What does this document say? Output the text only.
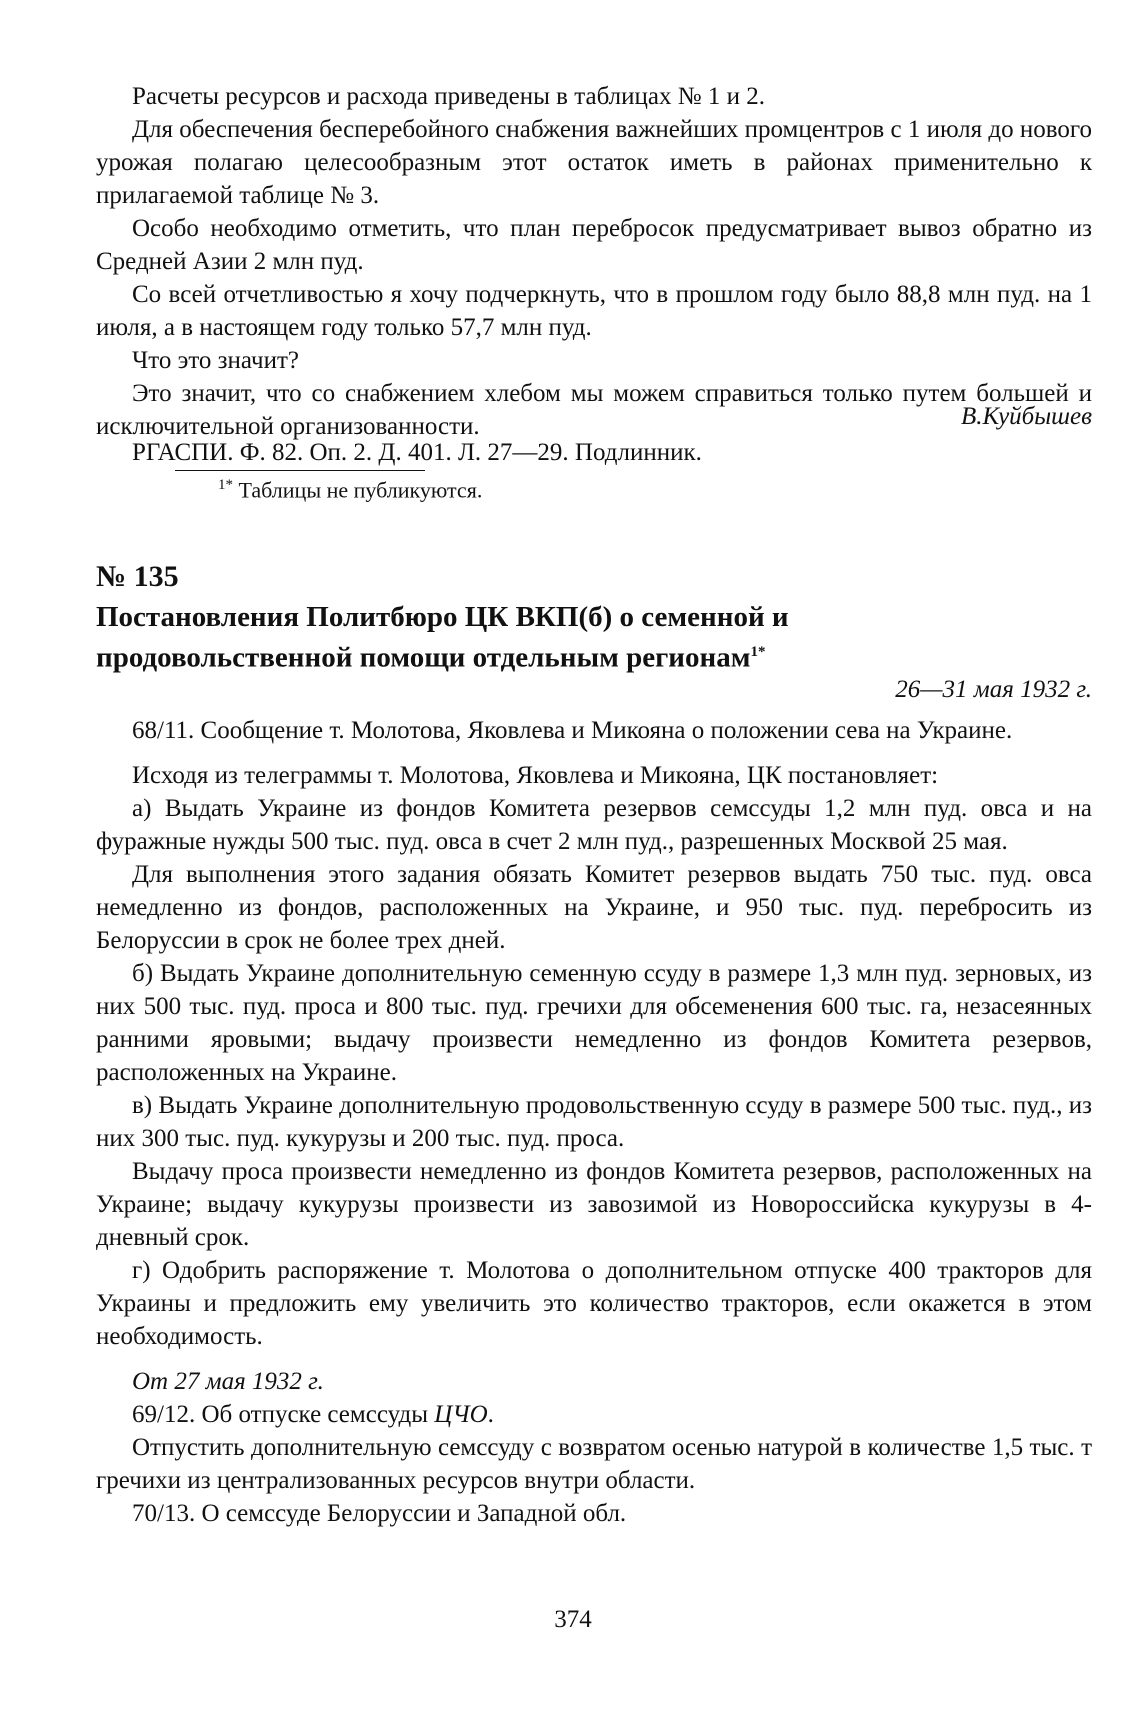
Расчеты ресурсов и расхода приведены в таблицах № 1 и 2.

Для обеспечения бесперебойного снабжения важнейших промцентров с 1 июля до нового урожая полагаю целесообразным этот остаток иметь в районах применительно к прилагаемой таблице № 3.

Особо необходимо отметить, что план перебросок предусматривает вывоз обратно из Средней Азии 2 млн пуд.

Со всей отчетливостью я хочу подчеркнуть, что в прошлом году было 88,8 млн пуд. на 1 июля, а в настоящем году только 57,7 млн пуд.

Что это значит?

Это значит, что со снабжением хлебом мы можем справиться только путем большей и исключительной организованности.	В.Куйбышев

РГАСПИ. Ф. 82. Оп. 2. Д. 401. Л. 27—29. Подлинник.

$^{1*}$ Таблицы не публикуются.
№ 135
Постановления Политбюро ЦК ВКП(б) о семенной и продовольственной помощи отдельным регионам$^{1*}$

26—31 мая 1932 г.

68/11. Сообщение т. Молотова, Яковлева и Микояна о положении сева на Украине.

Исходя из телеграммы т. Молотова, Яковлева и Микояна, ЦК постановляет:

а) Выдать Украине из фондов Комитета резервов семссуды 1,2 млн пуд. овса и на фуражные нужды 500 тыс. пуд. овса в счет 2 млн пуд., разрешенных Москвой 25 мая.

Для выполнения этого задания обязать Комитет резервов выдать 750 тыс. пуд. овса немедленно из фондов, расположенных на Украине, и 950 тыс. пуд. перебросить из Белоруссии в срок не более трех дней.

б) Выдать Украине дополнительную семенную ссуду в размере 1,3 млн пуд. зерновых, из них 500 тыс. пуд. проса и 800 тыс. пуд. гречихи для обсеменения 600 тыс. га, незасеянных ранними яровыми; выдачу произвести немедленно из фондов Комитета резервов, расположенных на Украине.

в) Выдать Украине дополнительную продовольственную ссуду в размере 500 тыс. пуд., из них 300 тыс. пуд. кукурузы и 200 тыс. пуд. проса.

Выдачу проса произвести немедленно из фондов Комитета резервов, расположенных на Украине; выдачу кукурузы произвести из завозимой из Новороссийска кукурузы в 4-дневный срок.

г) Одобрить распоряжение т. Молотова о дополнительном отпуске 400 тракторов для Украины и предложить ему увеличить это количество тракторов, если окажется в этом необходимость.

От 27 мая 1932 г.

69/12. Об отпуске семссуды ЦЧО.

Отпустить дополнительную семссуду с возвратом осенью натурой в количестве 1,5 тыс. т гречихи из централизованных ресурсов внутри области.

70/13. О семссуде Белоруссии и Западной обл.

374
